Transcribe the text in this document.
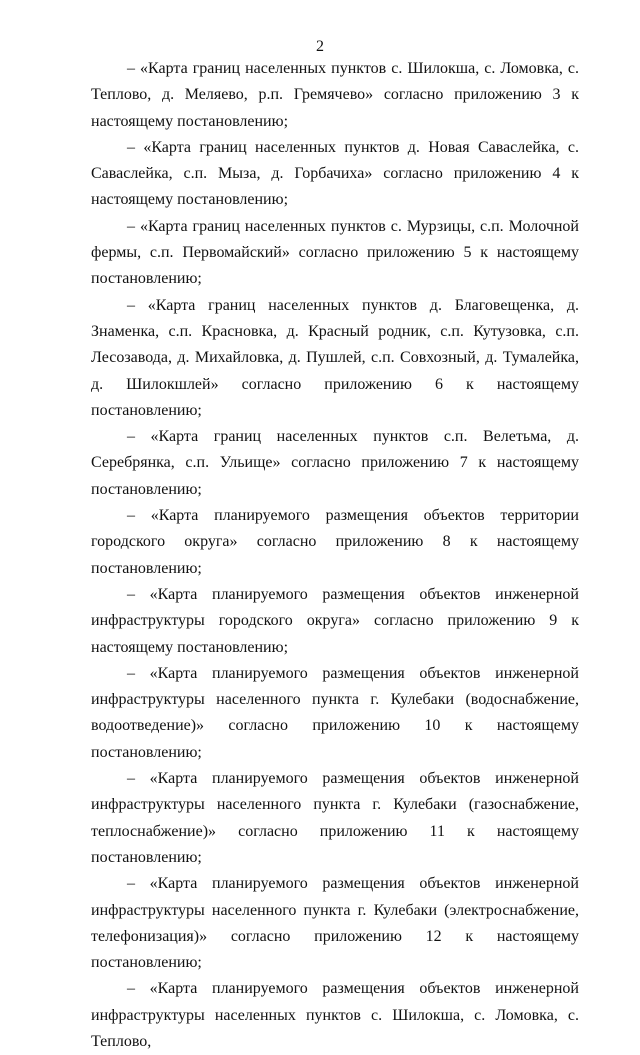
2

– «Карта границ населенных пунктов с. Шилокша, с. Ломовка, с. Теплово, д. Меляево, р.п. Гремячево» согласно приложению 3 к настоящему постановлению;

– «Карта границ населенных пунктов д. Новая Саваслейка, с. Саваслейка, с.п. Мыза, д. Горбачиха» согласно приложению 4 к настоящему постановлению;

– «Карта границ населенных пунктов с. Мурзицы, с.п. Молочной фермы, с.п. Первомайский» согласно приложению 5 к настоящему постановлению;

– «Карта границ населенных пунктов д. Благовещенка, д. Знаменка, с.п. Красновка, д. Красный родник, с.п. Кутузовка, с.п. Лесозавода, д. Михайловка, д. Пушлей, с.п. Совхозный, д. Тумалейка, д. Шилокшлей» согласно приложению 6 к настоящему постановлению;

– «Карта границ населенных пунктов с.п. Велетьма, д. Серебрянка, с.п. Ульище» согласно приложению 7 к настоящему постановлению;

– «Карта планируемого размещения объектов территории городского округа» согласно приложению 8 к настоящему постановлению;

– «Карта планируемого размещения объектов инженерной инфраструктуры городского округа» согласно приложению 9 к настоящему постановлению;

– «Карта планируемого размещения объектов инженерной инфраструктуры населенного пункта г. Кулебаки (водоснабжение, водоотведение)» согласно приложению 10 к настоящему постановлению;

– «Карта планируемого размещения объектов инженерной инфраструктуры населенного пункта г. Кулебаки (газоснабжение, теплоснабжение)» согласно приложению 11 к настоящему постановлению;

– «Карта планируемого размещения объектов инженерной инфраструктуры населенного пункта г. Кулебаки (электроснабжение, телефонизация)» согласно приложению 12 к настоящему постановлению;

– «Карта планируемого размещения объектов инженерной инфраструктуры населенных пунктов с. Шилокша, с. Ломовка, с. Теплово,
